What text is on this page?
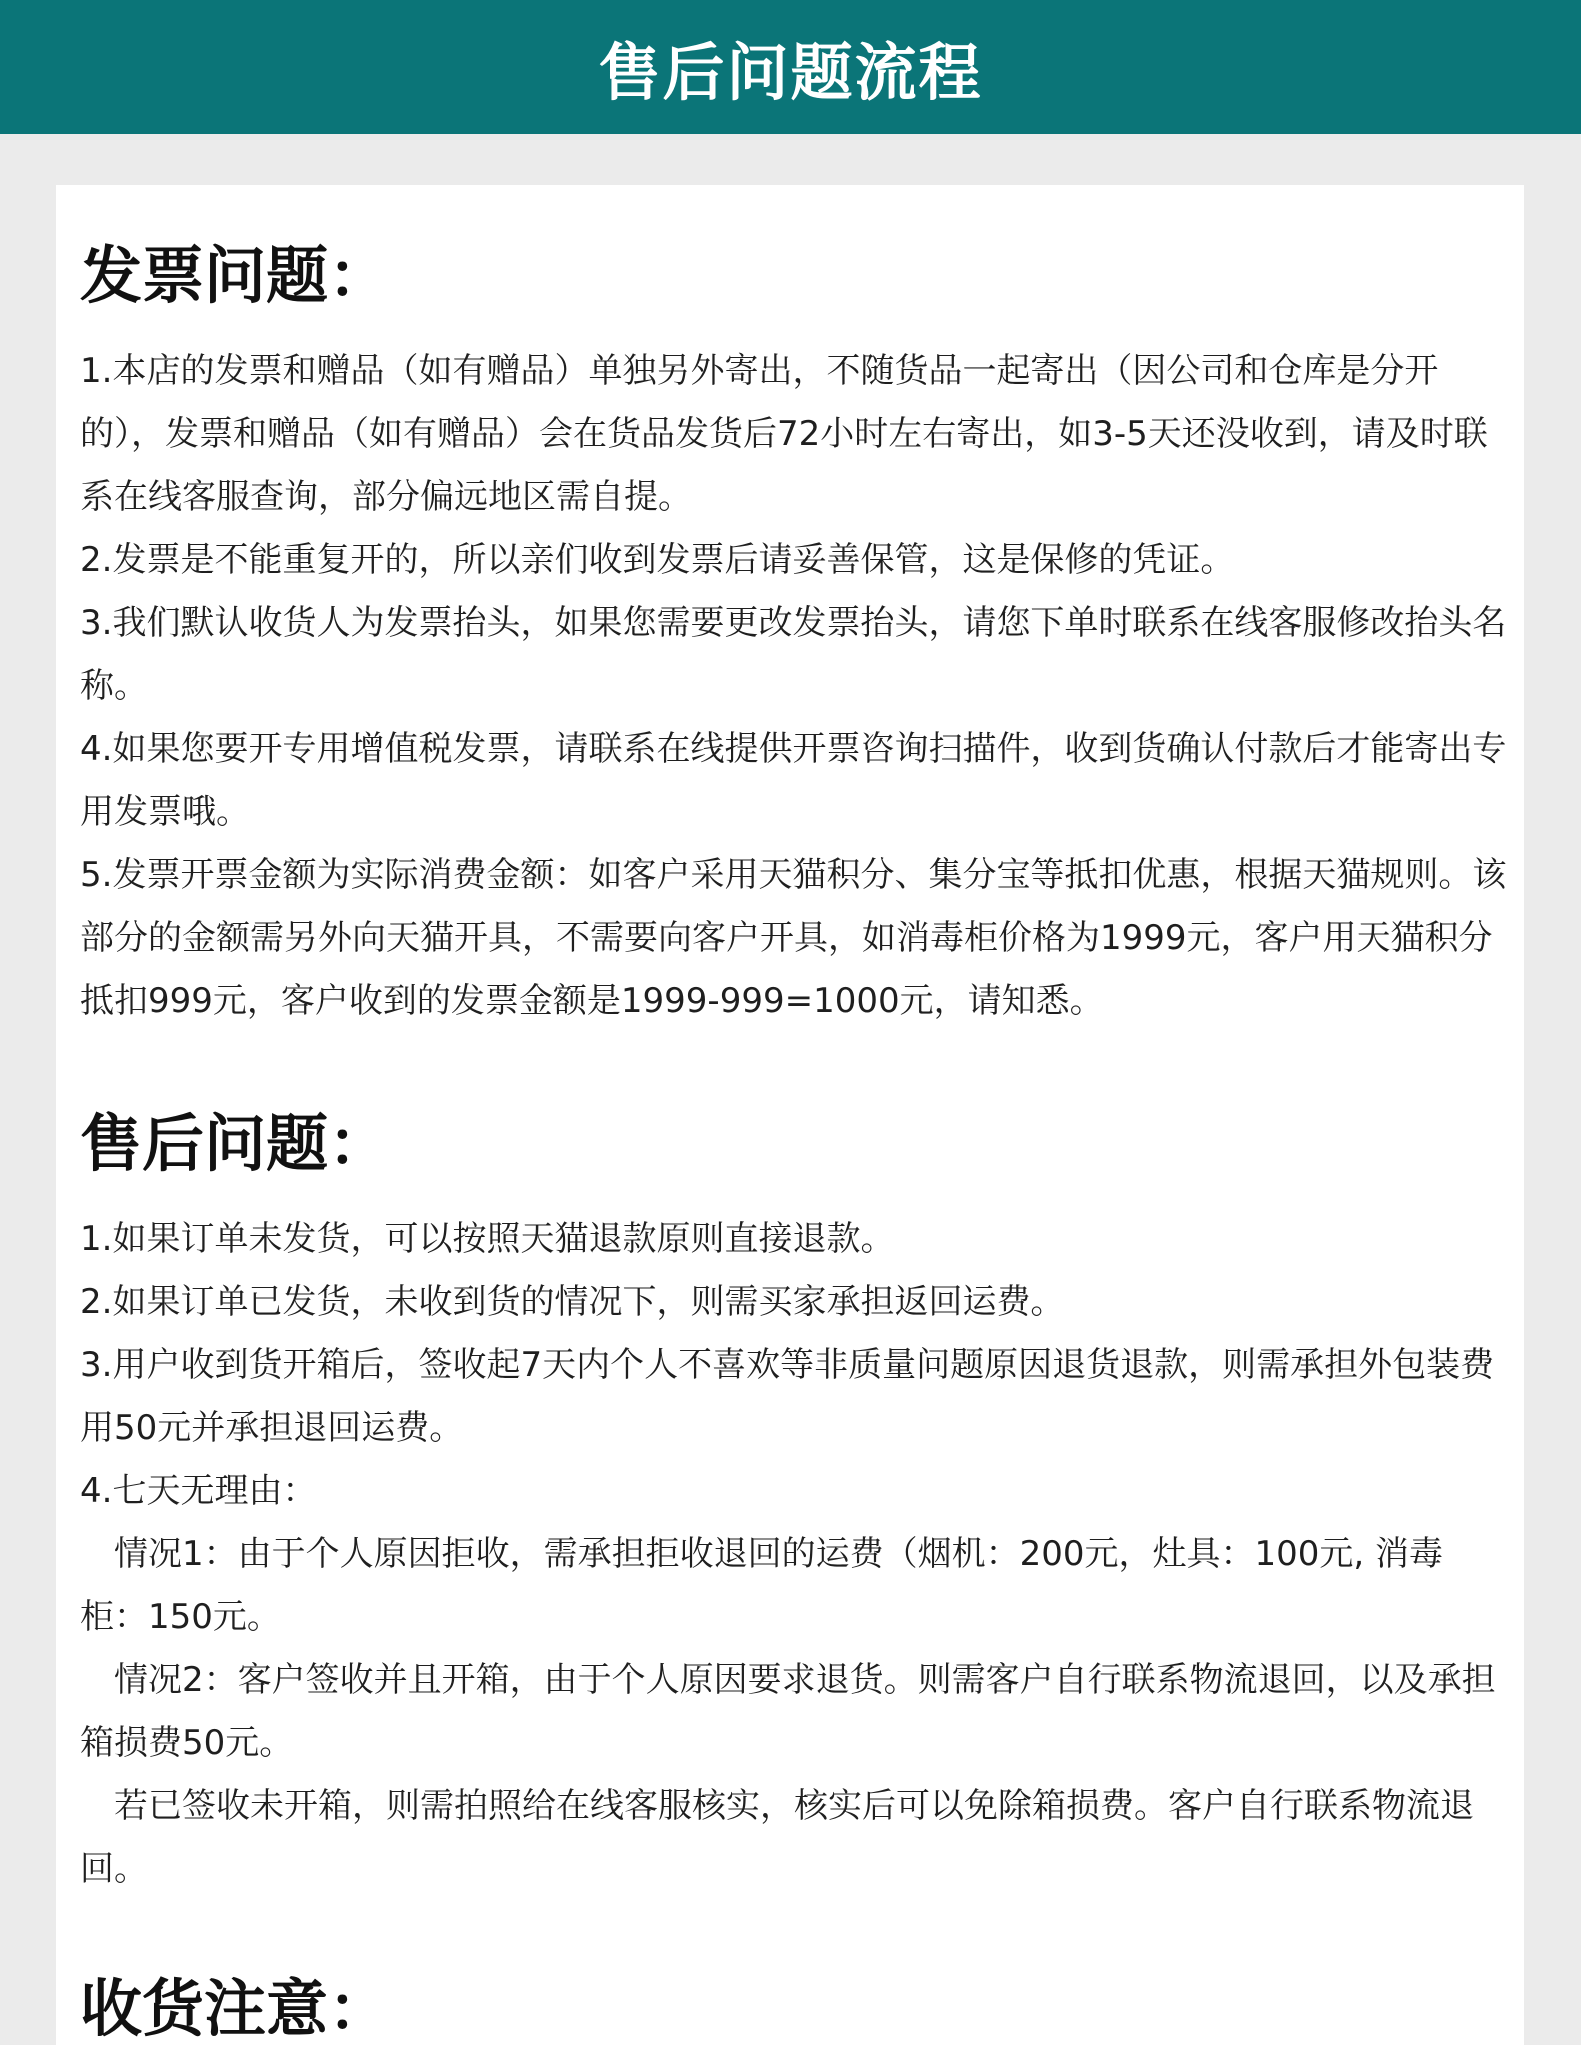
售后问题流程
发票问题：

1.本店的发票和赠品（如有赠品）单独另外寄出，不随货品一起寄出（因公司和仓库是分开的），发票和赠品（如有赠品）会在货品发货后72小时左右寄出，如3-5天还没收到，请及时联系在线客服查询，部分偏远地区需自提。

2.发票是不能重复开的，所以亲们收到发票后请妥善保管，这是保修的凭证。

3.我们默认收货人为发票抬头，如果您需要更改发票抬头，请您下单时联系在线客服修改抬头名称。

4.如果您要开专用增值税发票，请联系在线提供开票咨询扫描件，收到货确认付款后才能寄出专用发票哦。

5.发票开票金额为实际消费金额：如客户采用天猫积分、集分宝等抵扣优惠，根据天猫规则。该部分的金额需另外向天猫开具，不需要向客户开具，如消毒柜价格为1999元，客户用天猫积分抵扣999元，客户收到的发票金额是1999-999=1000元，请知悉。

售后问题：

1.如果订单未发货，可以按照天猫退款原则直接退款。

2.如果订单已发货，未收到货的情况下，则需买家承担返回运费。

3.用户收到货开箱后，签收起7天内个人不喜欢等非质量问题原因退货退款，则需承担外包装费用50元并承担退回运费。

4.七天无理由：

情况1：由于个人原因拒收，需承担拒收退回的运费（烟机：200元，灶具：100元, 消毒柜：150元。

情况2：客户签收并且开箱，由于个人原因要求退货。则需客户自行联系物流退回，以及承担箱损费50元。

若已签收未开箱，则需拍照给在线客服核实，核实后可以免除箱损费。客户自行联系物流退回。

收货注意：
